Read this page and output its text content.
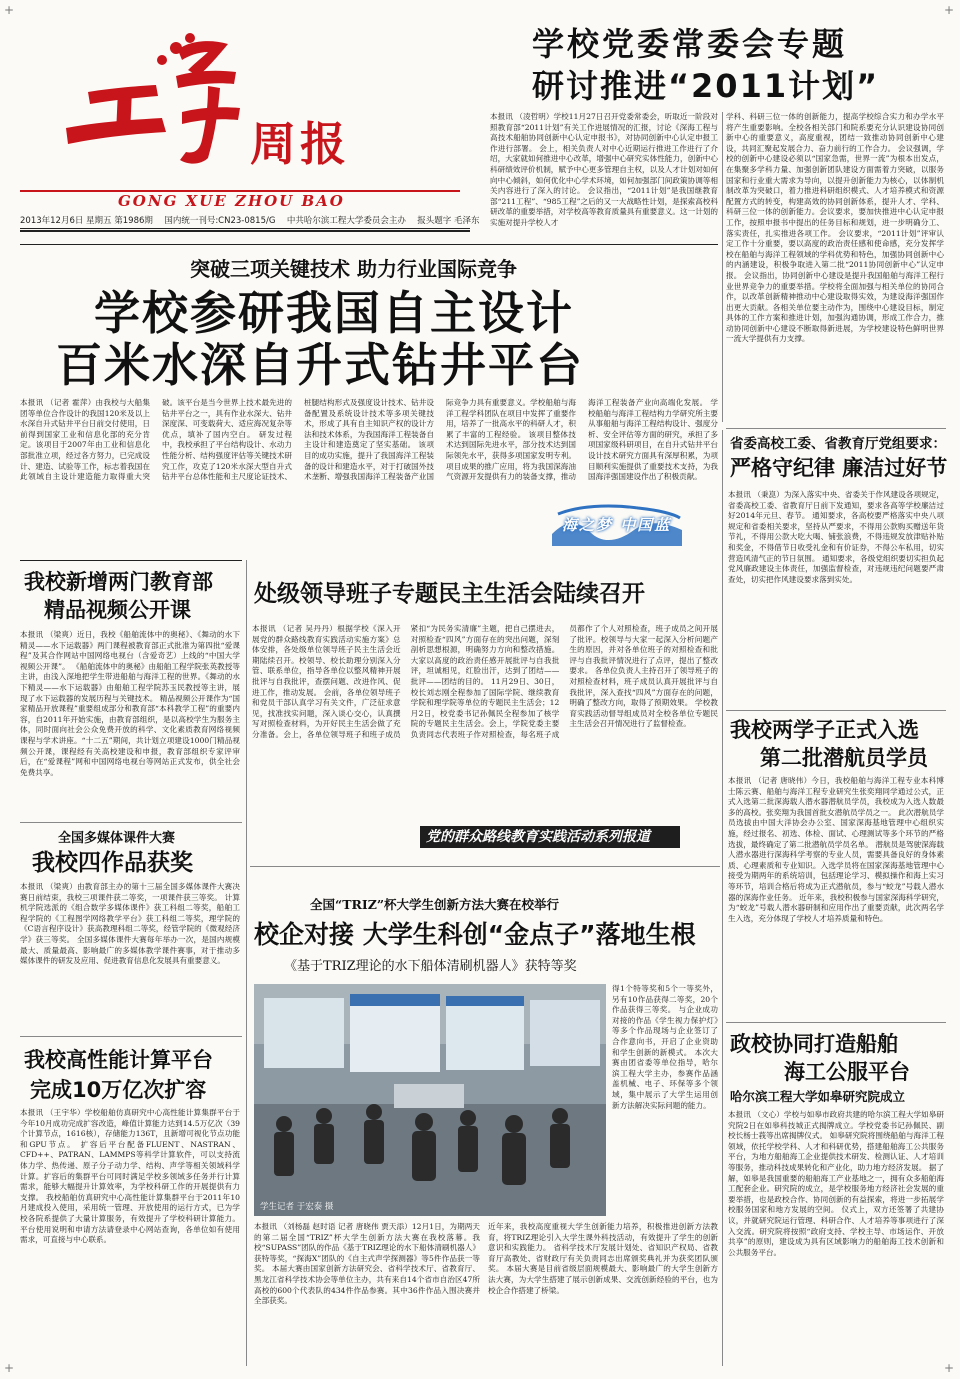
周报
GONG XUE ZHOU BAO
2013年12月6日 星期五 第1986期 国内统一刊号:CN23-0815/G 中共哈尔滨工程大学委员会主办 报头题字 毛泽东
学校党委常委会专题
研讨推进“2011计划”
本报讯 （凌哲明）学校11月27日召开党委常委会，听取近一阶段对照教育部“2011计划”有关工作进展情况的汇报，讨论《深海工程与高技术船舶协同创新中心认定申报书》，对协同创新中心认定申报工作进行部署。 会上，相关负责人对中心近期运行推进工作进行了介绍，大家就如何推进中心改革，增强中心研究实体性能力，创新中心科研绩效评价机制，赋予中心更多管理自主权，以及人才计划对如何向中心倾斜，如何优化中心学术环境，如何加强部门间政策协调等相关内容进行了深入的讨论。 会议指出，“2011计划”是我国继教育部“211工程”、“985工程”之后的又一大战略性计划，是探索高校科研改革的重要举措，对学校高等教育质量具有重要意义。这一计划的实施对提升学校人才
学科、科研三位一体的创新能力，提高学校综合实力和办学水平将产生重要影响。全校各相关部门和院系要充分认识建设协同创新中心的重要意义，高度重视，团结一致推动协同创新中心建设，共同汇聚起发展合力、奋力前行的工作合力。 会议强调，学校的创新中心建设必须以“国家急需，世界一流”为根本出发点，在集聚多学科力量、加强创新团队建设方面需着力突破，以服务国家和行业重大需求为导向，以提升创新能力为核心，以体制机制改革为突破口，着力推进科研组织模式、人才培养模式和资源配置方式的转变，构建高效的协同创新体系，提升人才、学科、科研三位一体的创新能力。会议要求，要加快推进中心认定申报工作，按照申报书中提出的任务目标和规划，进一步明确分工、落实责任，扎实推进各项工作。 会议要求，“2011计划”评审认定工作十分重要，要以高度的政治责任感和使命感，充分发挥学校在船舶与海洋工程领域的学科优势和特色，加强协同创新中心的内涵建设，积极争取进入第二批“2011协同创新中心”认定申报。 会议指出，协同创新中心建设是提升我国船舶与海洋工程行业世界竞争力的重要举措。学校将全面加强与相关单位的协同合作，以改革创新精神推动中心建设取得实效，为建设海洋强国作出更大贡献。各相关单位要主动作为，围绕中心建设目标，制定具体的工作方案和推进计划，加强沟通协调，形成工作合力，推动协同创新中心建设不断取得新进展，为学校建设特色鲜明世界一流大学提供有力支撑。
突破三项关键技术 助力行业国际竞争
学校参研我国自主设计
百米水深自升式钻井平台
本报讯 （记者 霍萍）由我校与大船集团等单位合作设计的我国120米及以上水深自升式钻井平台日前交付使用，日前得到国家工业和信息化部的充分肯定。该项目于2007年由工业和信息化部批准立项，经过各方努力，已完成设计、建造、试验等工作，标志着我国在此领域自主设计建造能力取得重大突破。该平台是当今世界上技术最先进的钻井平台之一，具有作业水深大、钻井深度深、可变载荷大、适应海况复杂等优点，填补了国内空白。 研发过程中，我校承担了平台结构设计、水动力性能分析、结构强度评估等关键技术研究工作，攻克了120米水深大型自升式钻井平台总体性能和主尺度论证技术、桩腿结构形式及强度设计技术、钻井设备配置及系统设计技术等多项关键技术，形成了具有自主知识产权的设计方法和技术体系，为我国海洋工程装备自主设计和建造奠定了坚实基础。 该项目的成功实施，提升了我国海洋工程装备的设计和建造水平，对于打破国外技术垄断、增强我国海洋工程装备产业国际竞争力具有重要意义。学校船舶与海洋工程学科团队在项目中发挥了重要作用，培养了一批高水平的科研人才，积累了丰富的工程经验。 该项目整体技术达到国际先进水平，部分技术达到国际领先水平，获得多项国家发明专利。项目成果的推广应用，将为我国深海油气资源开发提供有力的装备支撑，推动海洋工程装备产业向高端化发展。 学校船舶与海洋工程结构力学研究所主要从事船舶与海洋工程结构设计、强度分析、安全评估等方面的研究，承担了多项国家级科研项目，在自升式钻井平台设计技术研究方面具有深厚积累，为项目顺利实施提供了重要技术支持，为我国海洋强国建设作出了积极贡献。
海之梦 中国蓝
我校新增两门教育部
精品视频公开课
本报讯 （梁爽）近日，我校《船舶流体中的奥秘》、《舞动的水下精灵——水下运载器》两门课程被教育部正式批准为第四批“爱课程”及其合作网站中国网络电视台（含爱奇艺）上线的“中国大学视频公开课”。 《船舶流体中的奥秘》由船舶工程学院张英教授等主讲，由浅入深地把学生带进船舶与海洋工程的世界。《舞动的水下精灵——水下运载器》由船舶工程学院苏玉民教授等主讲，展现了水下运载器的发展历程与关键技术。 精品视频公开课作为“国家精品开放课程”重要组成部分和教育部“本科教学工程”的重要内容，自2011年开始实施，由教育部组织，是以高校学生为服务主体，同时面向社会公众免费开放的科学、文化素质教育网络视频课程与学术讲座。“十二五”期间，共计划立项建设1000门精品视频公开课，课程经有关高校建设和申报，教育部组织专家评审后，在“爱课程”网和中国网络电视台等网站正式发布，供全社会免费共享。
全国多媒体课件大赛
我校四作品获奖
本报讯 （梁爽）由教育部主办的第十三届全国多媒体课件大赛决赛日前结束，我校三项课件获二等奖，一项课件获三等奖。 计算机学院选派的《组合数学多媒体课件》获工科组二等奖，船舶工程学院的《工程图学网络教学平台》获工科组二等奖，理学院的《C语言程序设计》获高教理科组二等奖，经管学院的《微观经济学》获三等奖。 全国多媒体课件大赛每年举办一次，是国内规模最大、质量最高、影响最广的多媒体教学课件赛事，对于推动多媒体课件的研发及应用、促进教育信息化发展具有重要意义。
我校高性能计算平台
完成10万亿次扩容
本报讯 （王宇华）学校船舶仿真研究中心高性能计算集群平台于今年10月成功完成扩容改造，峰值计算能力达到14.5万亿次（39个计算节点，1616核），存储能力136T，且新增可视化节点功能和GPU节点。 扩容后平台配备FLUENT、NASTRAN、CFD++、PATRAN、LAMMPS等科学计算软件，可以支持流体力学、热传递、原子分子动力学、结构、声学等相关领域科学计算。扩容后的集群平台可同时满足学校多领域多任务并行计算需求，能够大幅提升计算效率，为学校科研工作的开展提供有力支撑。 我校船舶仿真研究中心高性能计算集群平台于2011年10月建成投入使用，采用统一管理、开放使用的运行方式，已为学校各院系提供了大量计算服务，有效提升了学校科研计算能力。平台使用说明和申请方法请登录中心网站查询，各单位如有使用需求，可直接与中心联系。
处级领导班子专题民主生活会陆续召开
本报讯 （记者 吴丹丹）根据学校《深入开展党的群众路线教育实践活动实施方案》总体安排，各处级单位领导班子民主生活会近期陆续召开。校领导、校长助理分别深入分管、联系单位，指导各单位以整风精神开展批评与自我批评，查摆问题、改进作风、促进工作，推动发展。 会前，各单位领导班子和党员干部认真学习有关文件，广泛征求意见，找准找实问题，深入谈心交心，认真撰写对照检查材料，为开好民主生活会做了充分准备。会上，各单位领导班子和班子成员紧扣“为民务实清廉”主题，把自己摆进去，对照检查“四风”方面存在的突出问题，深刻剖析思想根源，明确努力方向和整改措施。大家以高度的政治责任感开展批评与自我批评，坦诚相见，红脸出汗，达到了团结——批评——团结的目的。 11月29日、30日，校长刘志刚全程参加了国际学院、继续教育学院和理学院等单位的专题民主生活会；12月2日，校党委书记孙佩民全程参加了核学院的专题民主生活会。会上，学院党委主要负责同志代表班子作对照检查，每名班子成员都作了个人对照检查，班子成员之间开展了批评。校领导与大家一起深入分析问题产生的原因，并对各单位班子的对照检查和批评与自我批评情况进行了点评，提出了整改要求。 各单位负责人主持召开了领导班子的对照检查材料，班子成员认真开展批评与自我批评，深入查找“四风”方面存在的问题，明确了整改方向，取得了预期效果。 学校教育实践活动督导组成员对全校各单位专题民主生活会召开情况进行了监督检查。
党的群众路线教育实践活动系列报道
全国“TRIZ”杯大学生创新方法大赛在校举行
校企对接 大学生科创“金点子”落地生根
《基于TRIZ理论的水下船体清刷机器人》获特等奖
学生记者 于宏泰 摄
得1个特等奖和5个一等奖外，另有10作品获得二等奖，20个作品获得三等奖。 与企业成功对接的作品《学生视力保护灯》等多个作品现场与企业签订了合作意向书，开启了企业资助和学生创新的新模式。 本次大赛由团省委等单位指导，哈尔滨工程大学主办，参赛作品涵盖机械、电子、环保等多个领域，集中展示了大学生运用创新方法解决实际问题的能力。
本报讯 （刘杨磊 赵时语 记者 唐晓伟 贾天添）12月1日，为期两天的第二届全国“TRIZ”杯大学生创新方法大赛在我校落幕。我校“SUPASS”团队的作品《基于TRIZ理论的水下船体清刷机器人》获特等奖，“探海X”团队的《自主式声学探测器》等5件作品获一等奖。 本届大赛由国家创新方法研究会、省科学技术厅、省教育厅、黑龙江省科学技术协会等单位主办，共有来自14个省市自治区47所高校的600个代表队的434件作品参赛。其中36件作品入围决赛并全部获奖。
近年来，我校高度重视大学生创新能力培养，积极推进创新方法教育，将TRIZ理论引入大学生课外科技活动，有效提升了学生的创新意识和实践能力。 省科学技术厅发展计划处、省知识产权局、省教育厅高教处、省财政厅有关负责同志出席颁奖典礼并为获奖团队颁奖。 本届大赛是目前省级层面规模最大、影响最广的大学生创新方法大赛，为大学生搭建了展示创新成果、交流创新经验的平台，也为校企合作搭建了桥梁。
省委高校工委、省教育厅党组要求：
严格守纪律 廉洁过好节
本报讯 （秉崑）为深入落实中央、省委关于作风建设各项规定，省委高校工委、省教育厅日前下发通知，要求各高等学校廉洁过好2014年元旦、春节。 通知要求，各高校要严格落实中央八项规定和省委相关要求，坚持从严要求，不得用公款购买赠送年货节礼，不得用公款大吃大喝、铺张浪费，不得违规发放津贴补贴和奖金，不得借节日收受礼金和有价证券，不得公车私用，切实营造风清气正的节日氛围。 通知要求，各级党组织要切实担负起党风廉政建设主体责任，加强监督检查，对违规违纪问题要严肃查处，切实把作风建设要求落到实处。
我校两学子正式入选
第二批潜航员学员
本报讯 （记者 唐晓伟）今日，我校船舶与海洋工程专业本科博士陈云赛、船舶与海洋工程专业研究生张奕翔同学通过公式，正式入选第二批深海载人潜水器潜航员学员，我校成为入选人数最多的高校。张奕翔为我国首批女潜航员学员之一。 此次潜航员学员选拔由中国大洋协会办公室、国家深海基地管理中心组织实施，经过报名、初选、体检、面试、心理测试等多个环节的严格选拔，最终确定了第二批潜航员学员名单。 潜航员是驾驶深海载人潜水器进行深海科学考察的专业人员，需要具备良好的身体素质、心理素质和专业知识。入选学员将在国家深海基地管理中心接受为期两年的系统培训，包括理论学习、模拟操作和海上实习等环节，培训合格后将成为正式潜航员，参与“蛟龙”号载人潜水器的深海作业任务。 近年来，我校积极参与国家深海科学研究，为“蛟龙”号载人潜水器研制和应用作出了重要贡献，此次两名学生入选，充分体现了学校人才培养质量和特色。
政校协同打造船舶
海工公服平台
哈尔滨工程大学如皋研究院成立
本报讯 （文心）学校与如皋市政府共建的哈尔滨工程大学如皋研究院2日在如皋科技城正式揭牌成立。学校党委书记孙佩民、副校长杨士莪等出席揭牌仪式。 如皋研究院将围绕船舶与海洋工程领域，依托学校学科、人才和科研优势，搭建船舶海工公共服务平台，为地方船舶海工企业提供技术研发、检测认证、人才培训等服务，推动科技成果转化和产业化，助力地方经济发展。 据了解，如皋是我国重要的船舶海工产业基地之一，拥有众多船舶海工配套企业。研究院的成立，是学校服务地方经济社会发展的重要举措，也是政校合作、协同创新的有益探索，将进一步拓展学校服务国家和地方发展的空间。 仪式上，双方还签署了共建协议，并就研究院运行管理、科研合作、人才培养等事项进行了深入交流。研究院将按照“政府支持、学校主导、市场运作、开放共享”的原则，建设成为具有区域影响力的船舶海工技术创新和公共服务平台。
+	+
+	+
